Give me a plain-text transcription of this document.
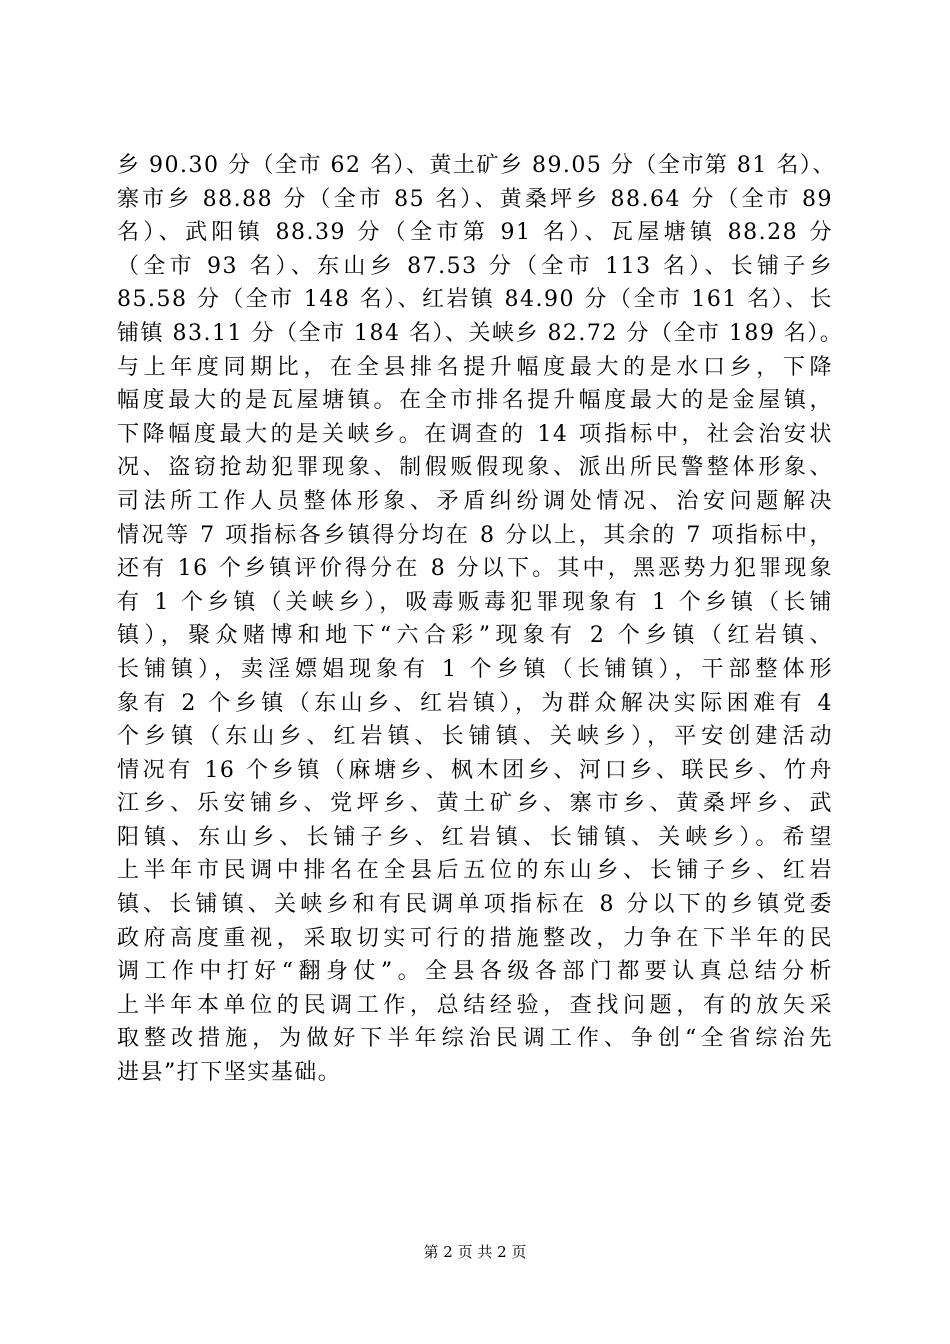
乡 90.30 分（全市 62 名）、黄土矿乡 89.05 分（全市第 81 名）、
寨市乡 88.88 分（全市 85 名）、黄桑坪乡 88.64 分（全市 89
名）、武阳镇 88.39 分（全市第 91 名）、瓦屋塘镇 88.28 分
（全市 93 名）、东山乡 87.53 分（全市 113 名）、长铺子乡
85.58 分（全市 148 名）、红岩镇 84.90 分（全市 161 名）、长
铺镇 83.11 分（全市 184 名）、关峡乡 82.72 分（全市 189 名）。
与上年度同期比，在全县排名提升幅度最大的是水口乡，下降
幅度最大的是瓦屋塘镇。在全市排名提升幅度最大的是金屋镇，
下降幅度最大的是关峡乡。在调查的 14 项指标中，社会治安状
况、盗窃抢劫犯罪现象、制假贩假现象、派出所民警整体形象、
司法所工作人员整体形象、矛盾纠纷调处情况、治安问题解决
情况等 7 项指标各乡镇得分均在 8 分以上，其余的 7 项指标中，
还有 16 个乡镇评价得分在 8 分以下。其中，黑恶势力犯罪现象
有 1 个乡镇（关峡乡），吸毒贩毒犯罪现象有 1 个乡镇（长铺
镇），聚众赌博和地下“六合彩”现象有 2 个乡镇（红岩镇、
长铺镇），卖淫嫖娼现象有 1 个乡镇（长铺镇），干部整体形
象有 2 个乡镇（东山乡、红岩镇），为群众解决实际困难有 4
个乡镇（东山乡、红岩镇、长铺镇、关峡乡），平安创建活动
情况有 16 个乡镇（麻塘乡、枫木团乡、河口乡、联民乡、竹舟
江乡、乐安铺乡、党坪乡、黄土矿乡、寨市乡、黄桑坪乡、武
阳镇、东山乡、长铺子乡、红岩镇、长铺镇、关峡乡）。希望
上半年市民调中排名在全县后五位的东山乡、长铺子乡、红岩
镇、长铺镇、关峡乡和有民调单项指标在 8 分以下的乡镇党委
政府高度重视，采取切实可行的措施整改，力争在下半年的民
调工作中打好“翻身仗”。全县各级各部门都要认真总结分析
上半年本单位的民调工作，总结经验，查找问题，有的放矢采
取整改措施，为做好下半年综治民调工作、争创“全省综治先
进县”打下坚实基础。
第 2 页 共 2 页
